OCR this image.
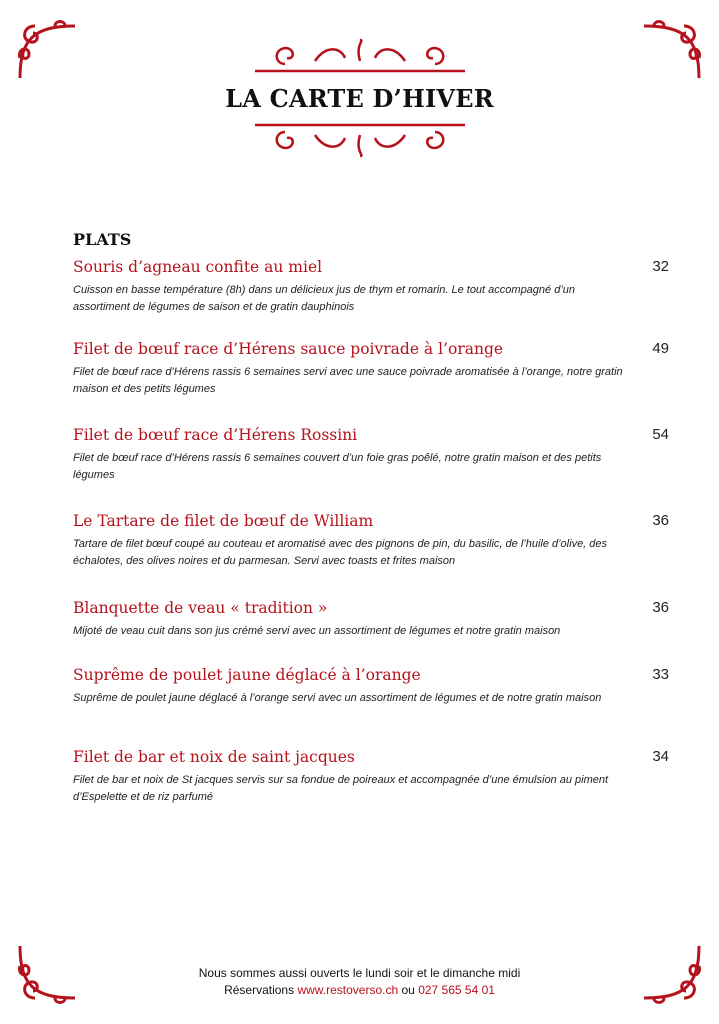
LA CARTE D’HIVER
PLATS
Souris d’agneau confite au miel	32
Cuisson en basse température (8h) dans un délicieux jus de thym et romarin. Le tout accompagné d’un assortiment de légumes de saison et de gratin dauphinois
Filet de bœuf race d’Hérens sauce poivrade à l’orange	49
Filet de bœuf race d’Hérens rassis 6 semaines servi avec une sauce poivrade aromatisée à l’orange, notre gratin maison et des petits légumes
Filet de bœuf race d’Hérens Rossini	54
Filet de bœuf race d’Hérens rassis 6 semaines couvert d’un foie gras poêlé, notre gratin maison et des petits légumes
Le Tartare de filet de bœuf de William	36
Tartare de filet bœuf coupé au couteau et aromatisé avec des pignons de pin, du basilic, de l’huile d’olive, des échalotes, des olives noires et du parmesan. Servi avec toasts et frites maison
Blanquette de veau « tradition »	36
Mijoté de veau cuit dans son jus crémé servi avec un assortiment de légumes et notre gratin maison
Suprême de poulet jaune déglacé à l’orange	33
Suprême de poulet jaune déglacé à l’orange servi avec un assortiment de légumes et de notre gratin maison
Filet de bar et noix de saint jacques	34
Filet de bar et noix de St jacques servis sur sa fondue de poireaux et accompagnée d’une émulsion au piment d’Espelette et de riz parfumé
Nous sommes aussi ouverts le lundi soir et le dimanche midi
Réservations www.restoverso.ch ou 027 565 54 01
